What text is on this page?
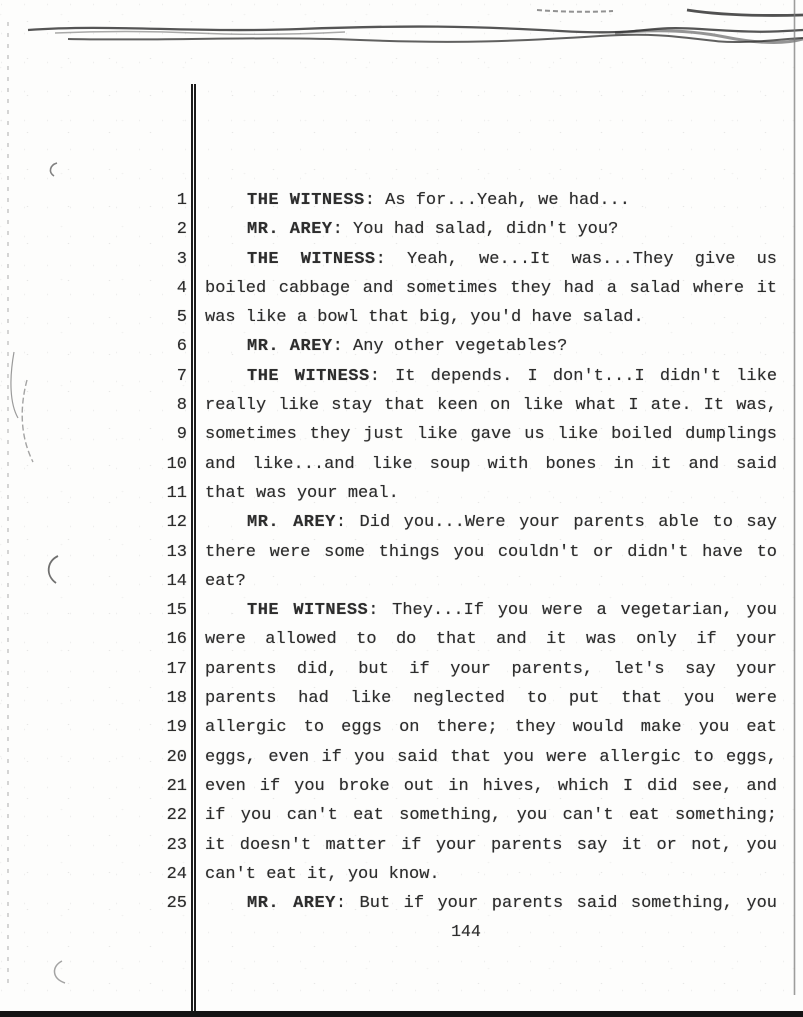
1	THE WITNESS: As for...Yeah, we had...
2	MR. AREY: You had salad, didn't you?
3	THE WITNESS: Yeah, we...It was...They give us
4 boiled cabbage and sometimes they had a salad where it
5 was like a bowl that big, you'd have salad.
6	MR. AREY: Any other vegetables?
7	THE WITNESS: It depends. I don't...I didn't like
8 really like stay that keen on like what I ate. It was,
9 sometimes they just like gave us like boiled dumplings
10 and like...and like soup with bones in it and said
11 that was your meal.
12	MR. AREY: Did you...Were your parents able to say
13 there were some things you couldn't or didn't have to
14 eat?
15	THE WITNESS: They...If you were a vegetarian, you
16 were allowed to do that and it was only if your
17 parents did, but if your parents, let's say your
18 parents had like neglected to put that you were
19 allergic to eggs on there; they would make you eat
20 eggs, even if you said that you were allergic to eggs,
21 even if you broke out in hives, which I did see, and
22 if you can't eat something, you can't eat something;
23 it doesn't matter if your parents say it or not, you
24 can't eat it, you know.
25	MR. AREY: But if your parents said something, you
144
